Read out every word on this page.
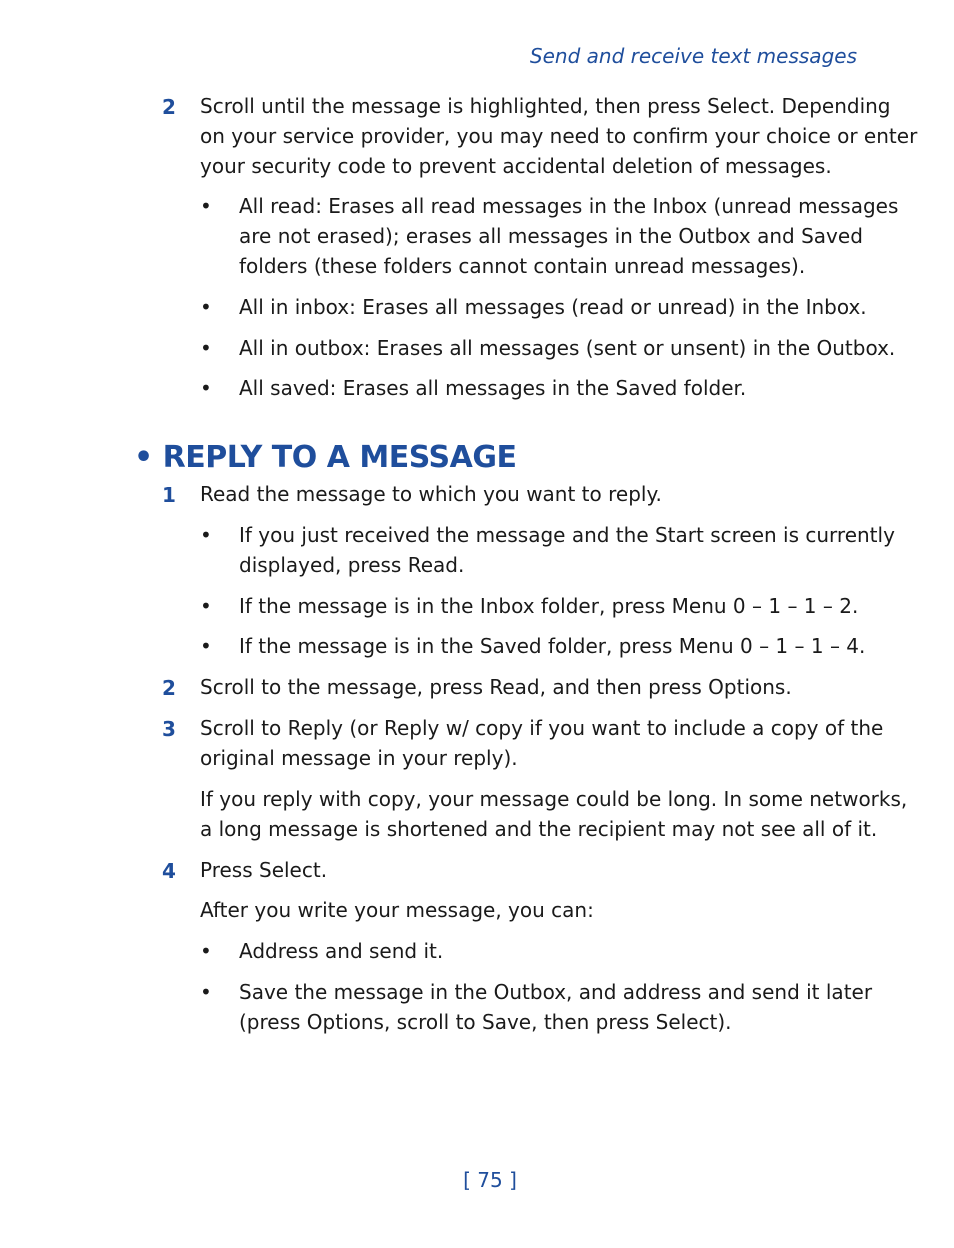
Send and receive text messages
2 Scroll until the message is highlighted, then press Select. Depending
on your service provider, you may need to confirm your choice or enter
your security code to prevent accidental deletion of messages.
• All read: Erases all read messages in the Inbox (unread messages
are not erased); erases all messages in the Outbox and Saved
folders (these folders cannot contain unread messages).
• All in inbox: Erases all messages (read or unread) in the Inbox.
• All in outbox: Erases all messages (sent or unsent) in the Outbox.
• All saved: Erases all messages in the Saved folder.
• REPLY TO A MESSAGE
1 Read the message to which you want to reply.
• If you just received the message and the Start screen is currently
displayed, press Read.
• If the message is in the Inbox folder, press Menu 0 – 1 – 1 – 2.
• If the message is in the Saved folder, press Menu 0 – 1 – 1 – 4.
2 Scroll to the message, press Read, and then press Options.
3 Scroll to Reply (or Reply w/ copy if you want to include a copy of the
original message in your reply).
If you reply with copy, your message could be long. In some networks,
a long message is shortened and the recipient may not see all of it.
4 Press Select.
After you write your message, you can:
• Address and send it.
• Save the message in the Outbox, and address and send it later
(press Options, scroll to Save, then press Select).
[ 75 ]
